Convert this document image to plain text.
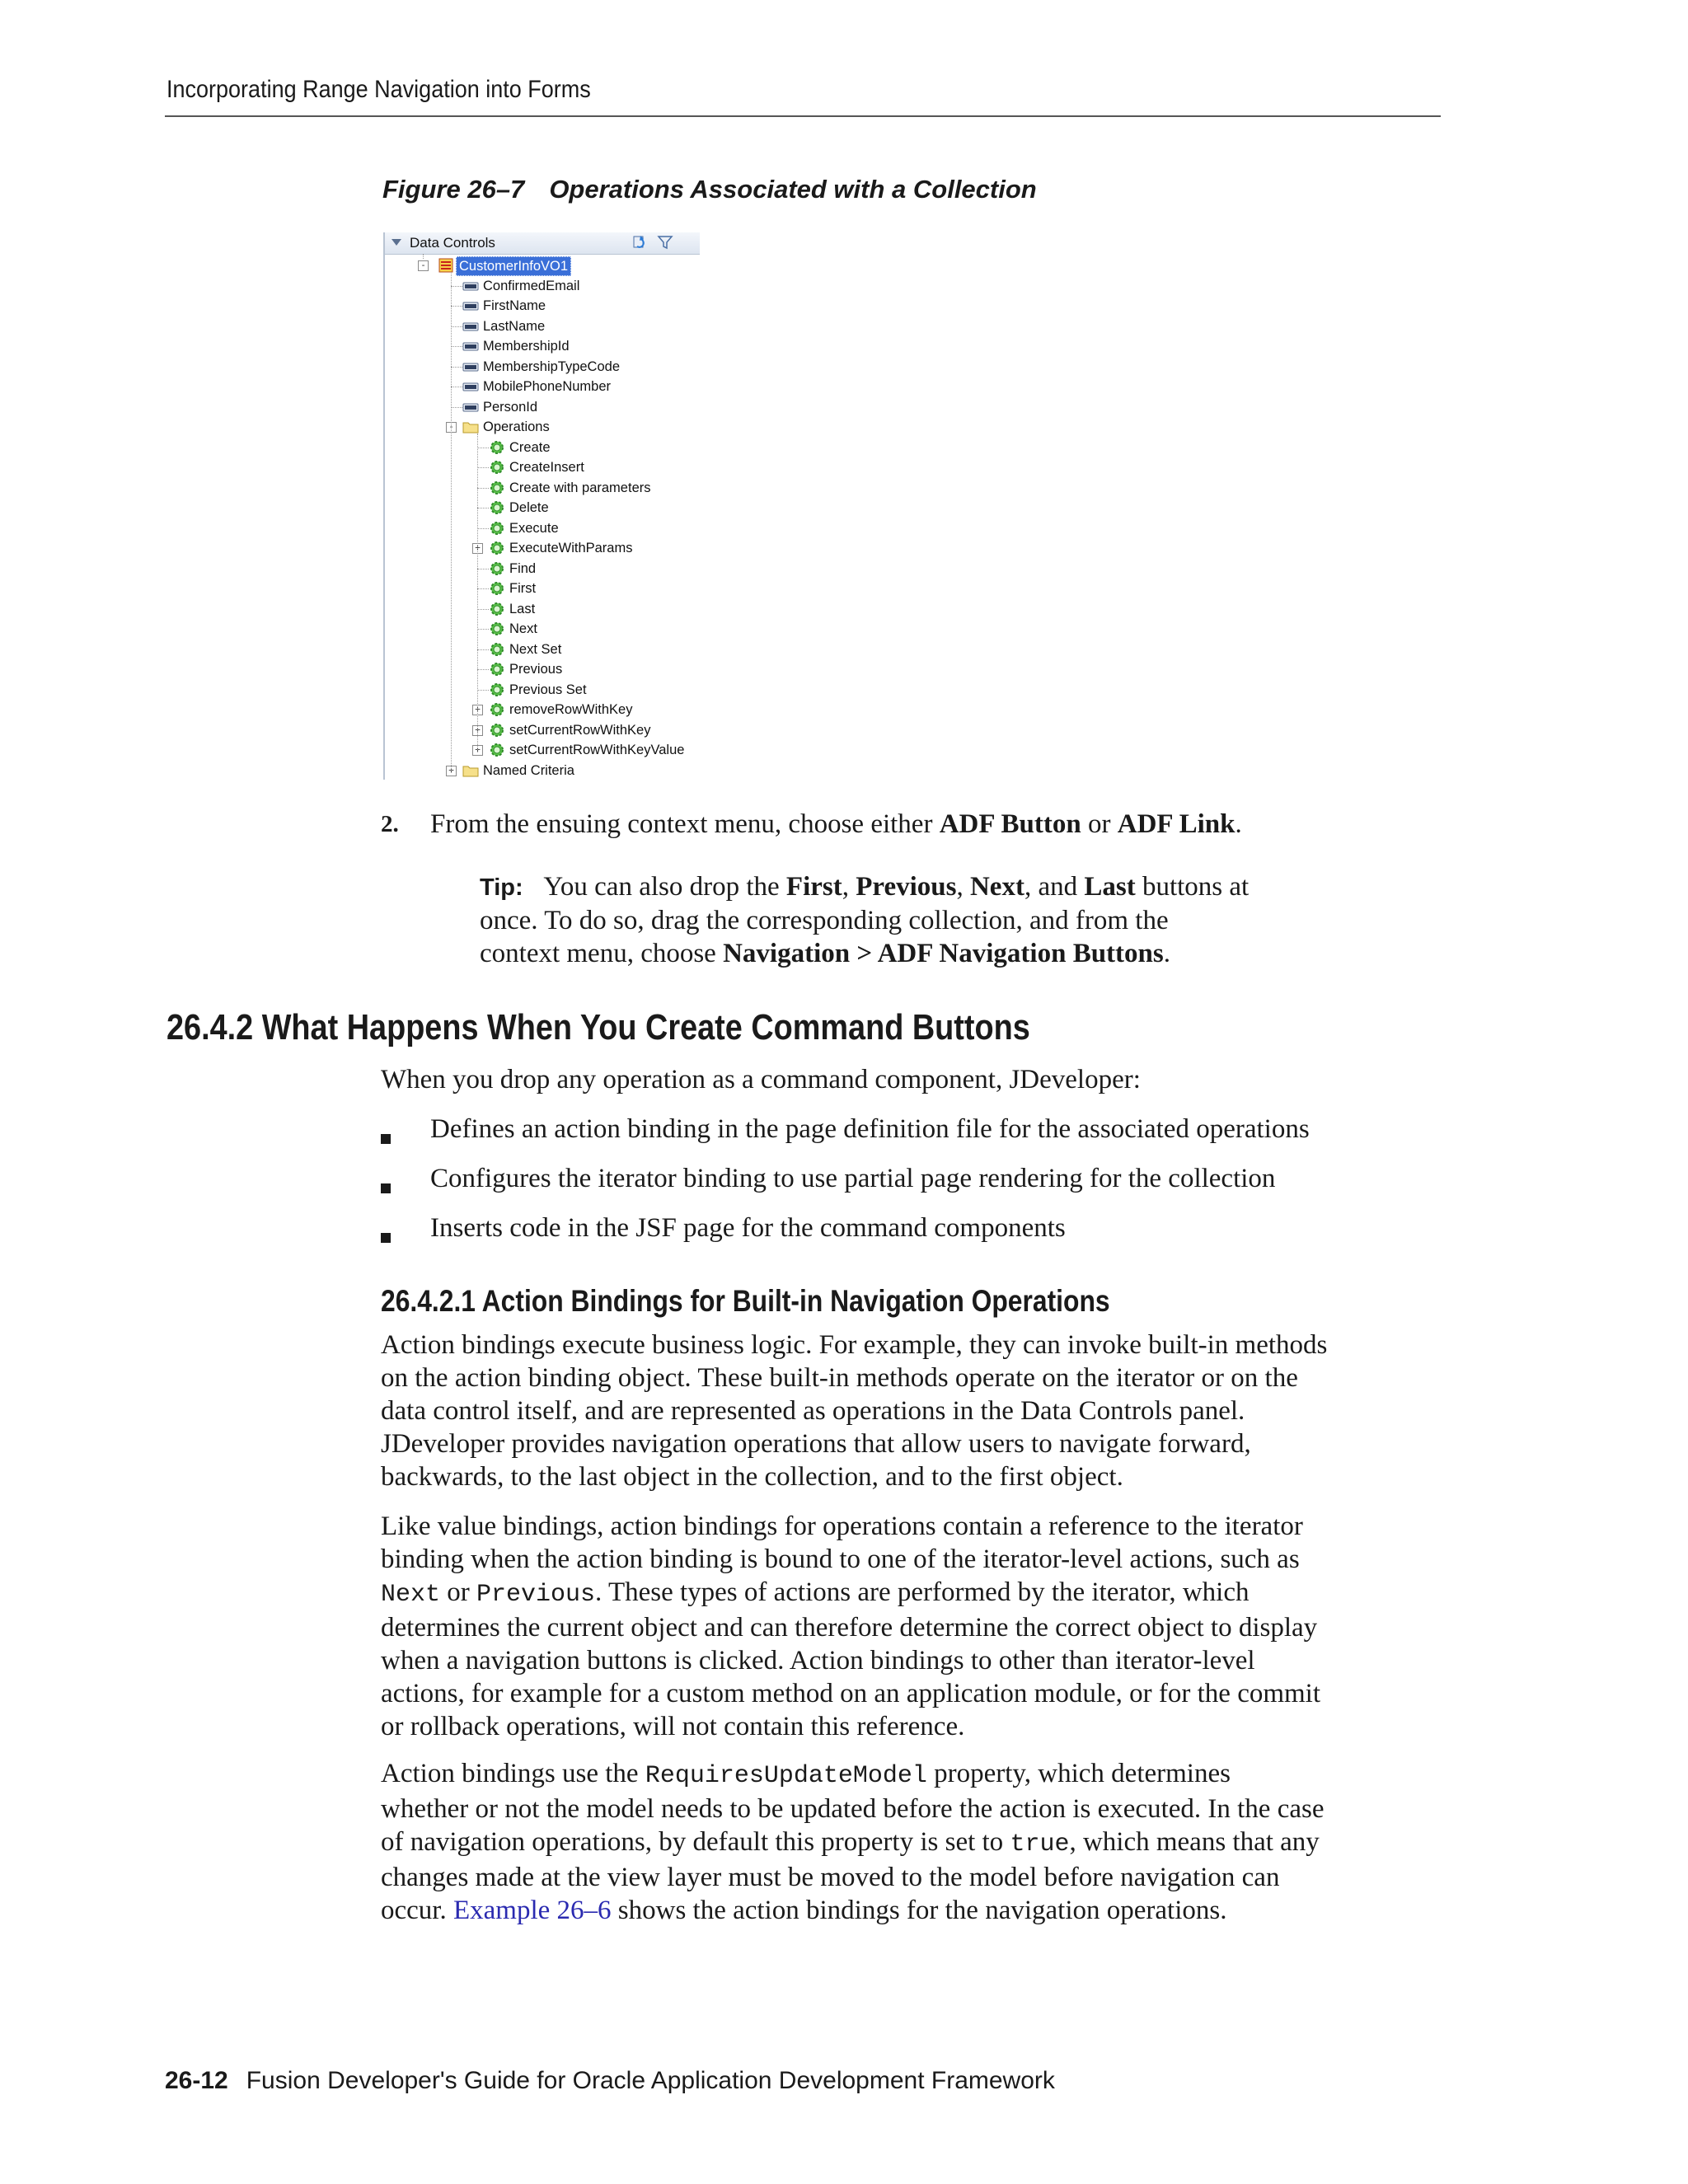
Incorporating Range Navigation into Forms
Figure 26–7 Operations Associated with a Collection
Data Controls
- CustomerInfoVO1
ConfirmedEmail
FirstName
LastName
MembershipId
MembershipTypeCode
MobilePhoneNumber
PersonId
- Operations
Create
CreateInsert
Create with parameters
Delete
Execute
+ ExecuteWithParams
Find
First
Last
Next
Next Set
Previous
Previous Set
+ removeRowWithKey
+ setCurrentRowWithKey
+ setCurrentRowWithKeyValue
+ Named Criteria
2. From the ensuing context menu, choose either ADF Button or ADF Link.
Tip: You can also drop the First, Previous, Next, and Last buttons at
once. To do so, drag the corresponding collection, and from the
context menu, choose Navigation > ADF Navigation Buttons.
26.4.2 What Happens When You Create Command Buttons
When you drop any operation as a command component, JDeveloper:
Defines an action binding in the page definition file for the associated operations
Configures the iterator binding to use partial page rendering for the collection
Inserts code in the JSF page for the command components
26.4.2.1 Action Bindings for Built-in Navigation Operations
Action bindings execute business logic. For example, they can invoke built-in methods
on the action binding object. These built-in methods operate on the iterator or on the
data control itself, and are represented as operations in the Data Controls panel.
JDeveloper provides navigation operations that allow users to navigate forward,
backwards, to the last object in the collection, and to the first object.
Like value bindings, action bindings for operations contain a reference to the iterator
binding when the action binding is bound to one of the iterator-level actions, such as
Next or Previous. These types of actions are performed by the iterator, which
determines the current object and can therefore determine the correct object to display
when a navigation buttons is clicked. Action bindings to other than iterator-level
actions, for example for a custom method on an application module, or for the commit
or rollback operations, will not contain this reference.
Action bindings use the RequiresUpdateModel property, which determines
whether or not the model needs to be updated before the action is executed. In the case
of navigation operations, by default this property is set to true, which means that any
changes made at the view layer must be moved to the model before navigation can
occur. Example 26–6 shows the action bindings for the navigation operations.
26-12 Fusion Developer's Guide for Oracle Application Development Framework
